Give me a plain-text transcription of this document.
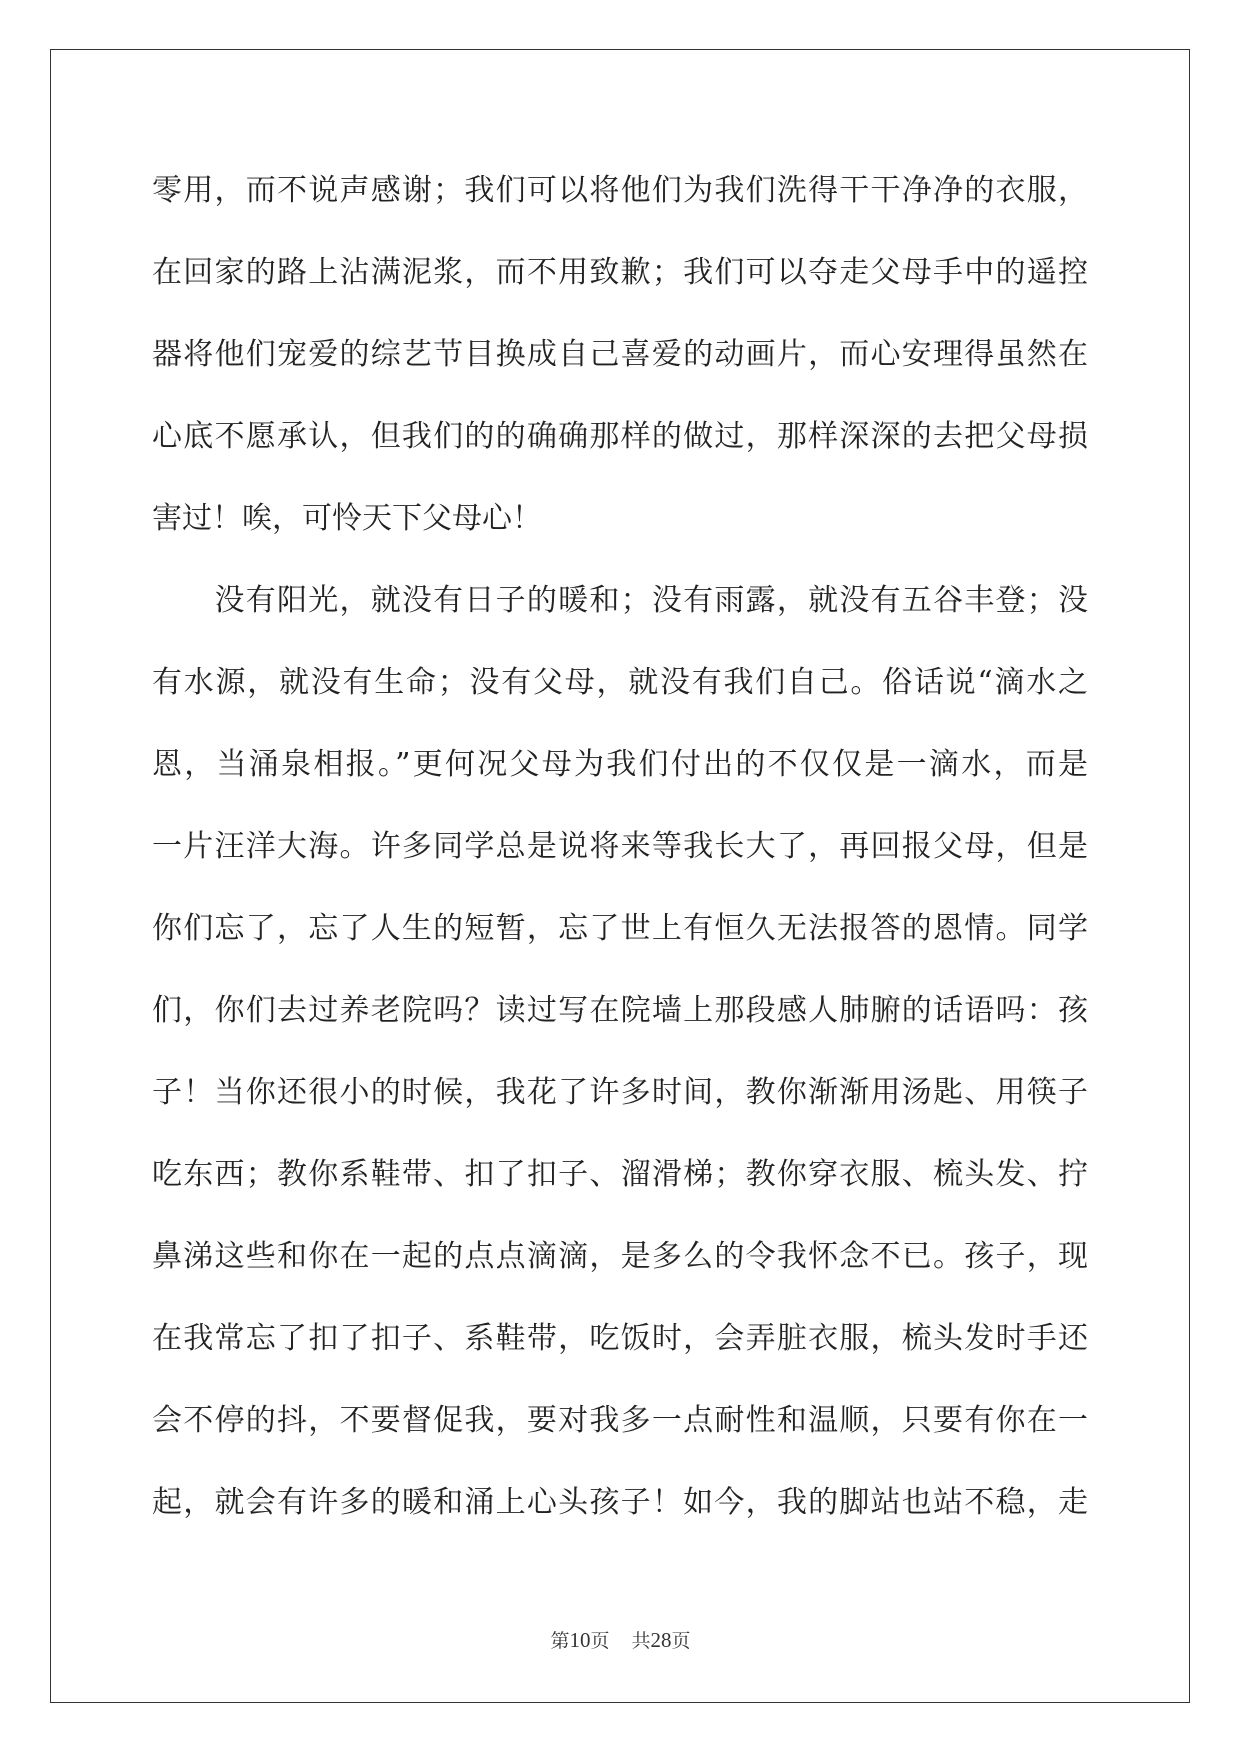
零用，而不说声感谢；我们可以将他们为我们洗得干干净净的衣服，
在回家的路上沾满泥浆，而不用致歉；我们可以夺走父母手中的遥控
器将他们宠爱的综艺节目换成自己喜爱的动画片，而心安理得虽然在
心底不愿承认，但我们的的确确那样的做过，那样深深的去把父母损
害过！唉，可怜天下父母心！

　　没有阳光，就没有日子的暖和；没有雨露，就没有五谷丰登；没
有水源，就没有生命；没有父母，就没有我们自己。俗话说“滴水之
恩，当涌泉相报。”更何况父母为我们付出的不仅仅是一滴水，而是
一片汪洋大海。许多同学总是说将来等我长大了，再回报父母，但是
你们忘了，忘了人生的短暂，忘了世上有恒久无法报答的恩情。同学
们，你们去过养老院吗？读过写在院墙上那段感人肺腑的话语吗：孩
子！当你还很小的时候，我花了许多时间，教你渐渐用汤匙、用筷子
吃东西；教你系鞋带、扣了扣子、溜滑梯；教你穿衣服、梳头发、拧
鼻涕这些和你在一起的点点滴滴，是多么的令我怀念不已。孩子，现
在我常忘了扣了扣子、系鞋带，吃饭时，会弄脏衣服，梳头发时手还
会不停的抖，不要督促我，要对我多一点耐性和温顺，只要有你在一
起，就会有许多的暖和涌上心头孩子！如今，我的脚站也站不稳，走

第10页 共28页
